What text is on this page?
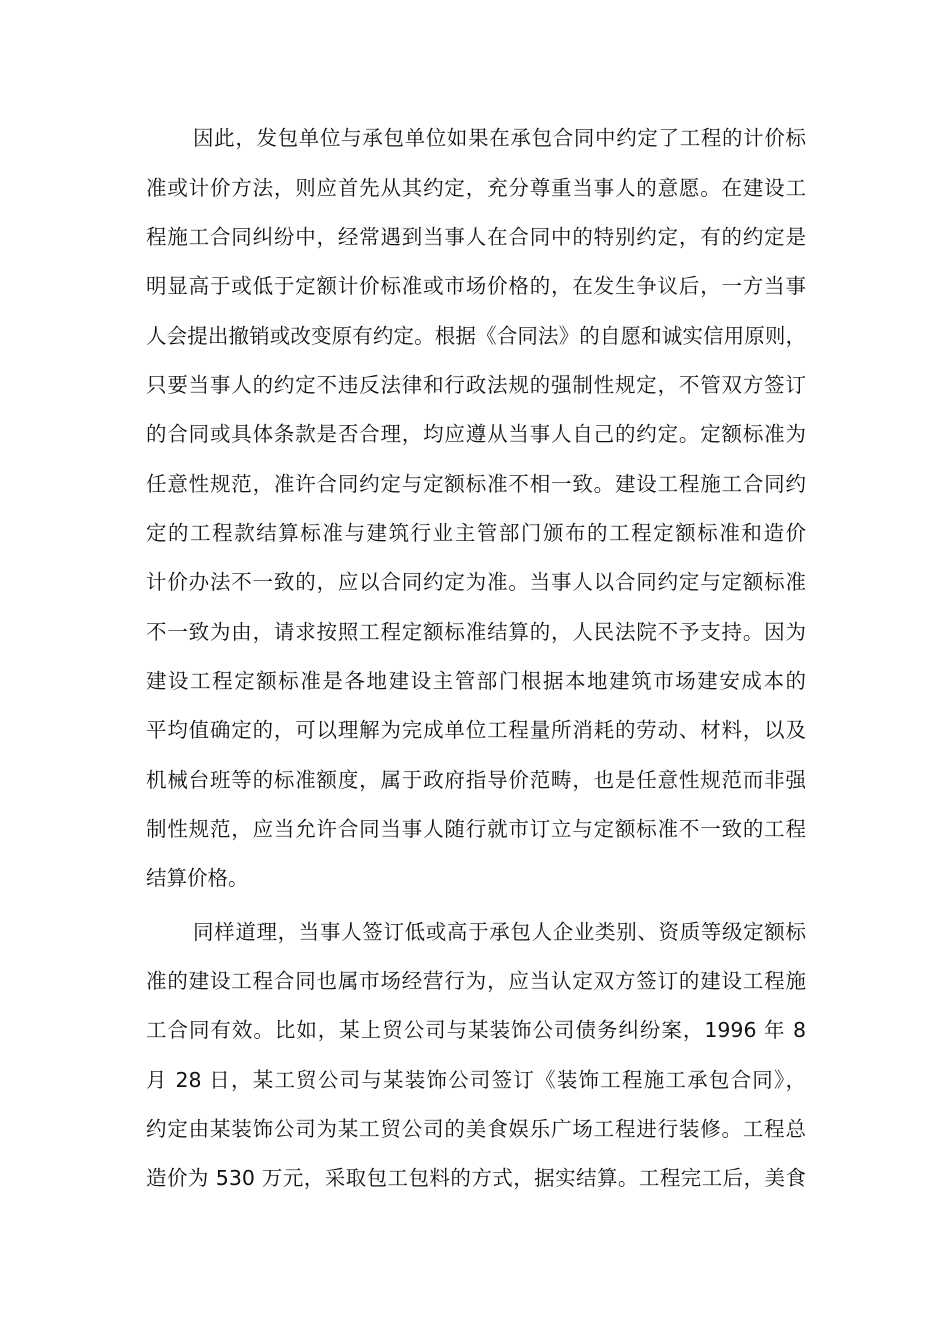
因此，发包单位与承包单位如果在承包合同中约定了工程的计价标

准或计价方法，则应首先从其约定，充分尊重当事人的意愿。在建设工

程施工合同纠纷中，经常遇到当事人在合同中的特别约定，有的约定是

明显高于或低于定额计价标准或市场价格的，在发生争议后，一方当事

人会提出撤销或改变原有约定。根据《合同法》的自愿和诚实信用原则，

只要当事人的约定不违反法律和行政法规的强制性规定，不管双方签订

的合同或具体条款是否合理，均应遵从当事人自己的约定。定额标准为

任意性规范，准许合同约定与定额标准不相一致。建设工程施工合同约

定的工程款结算标准与建筑行业主管部门颁布的工程定额标准和造价

计价办法不一致的，应以合同约定为准。当事人以合同约定与定额标准

不一致为由，请求按照工程定额标准结算的，人民法院不予支持。因为

建设工程定额标准是各地建设主管部门根据本地建筑市场建安成本的

平均值确定的，可以理解为完成单位工程量所消耗的劳动、材料，以及

机械台班等的标准额度，属于政府指导价范畴，也是任意性规范而非强

制性规范，应当允许合同当事人随行就市订立与定额标准不一致的工程

结算价格。

同样道理，当事人签订低或高于承包人企业类别、资质等级定额标

准的建设工程合同也属市场经营行为，应当认定双方签订的建设工程施

工合同有效。比如，某上贸公司与某装饰公司债务纠纷案，1996 年 8

月 28 日，某工贸公司与某装饰公司签订《装饰工程施工承包合同》，

约定由某装饰公司为某工贸公司的美食娱乐广场工程进行装修。工程总

造价为 530 万元，采取包工包料的方式，据实结算。工程完工后，美食
